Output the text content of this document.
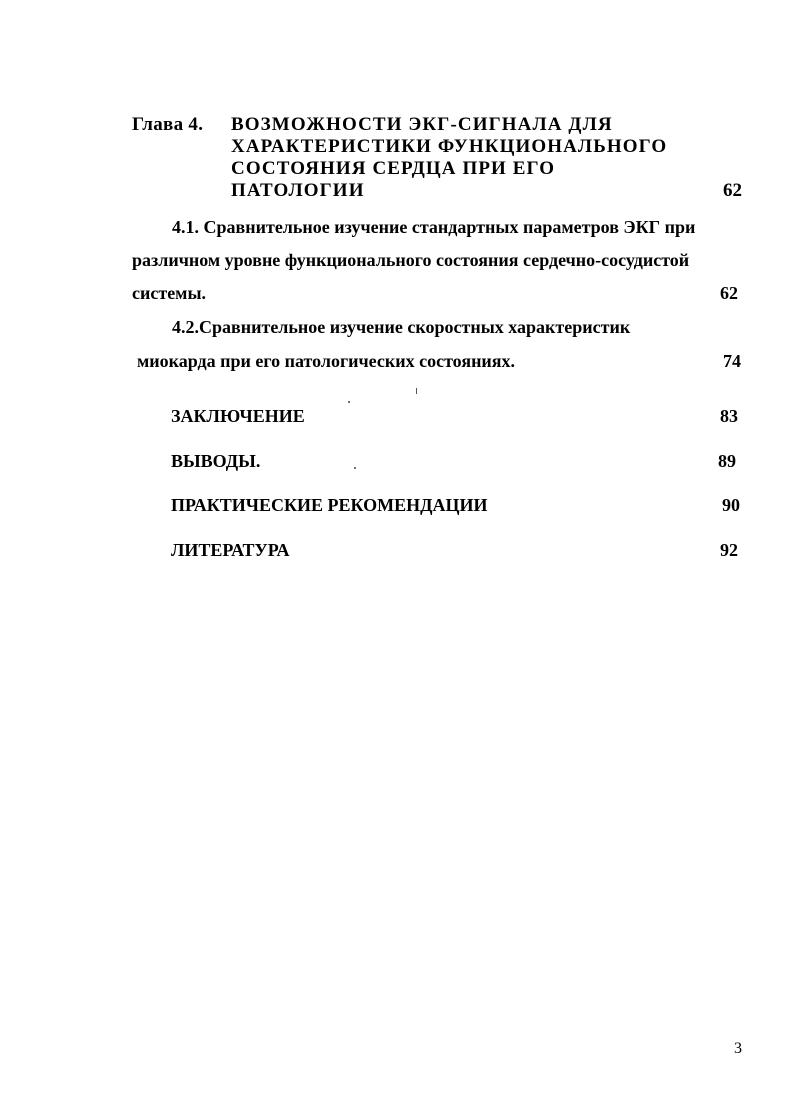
Глава 4. ВОЗМОЖНОСТИ ЭКГ-СИГНАЛА ДЛЯ
ХАРАКТЕРИСТИКИ ФУНКЦИОНАЛЬНОГО
СОСТОЯНИЯ СЕРДЦА ПРИ ЕГО
ПАТОЛОГИИ	62
4.1. Сравнительное изучение стандартных параметров ЭКГ при
различном уровне функционального состояния сердечно-сосудистой
системы.	62
4.2.Сравнительное изучение скоростных характеристик
миокарда при его патологических состояниях.	74
ЗАКЛЮЧЕНИЕ	83
ВЫВОДЫ.	89
ПРАКТИЧЕСКИЕ РЕКОМЕНДАЦИИ	90
ЛИТЕРАТУРА	92
3
